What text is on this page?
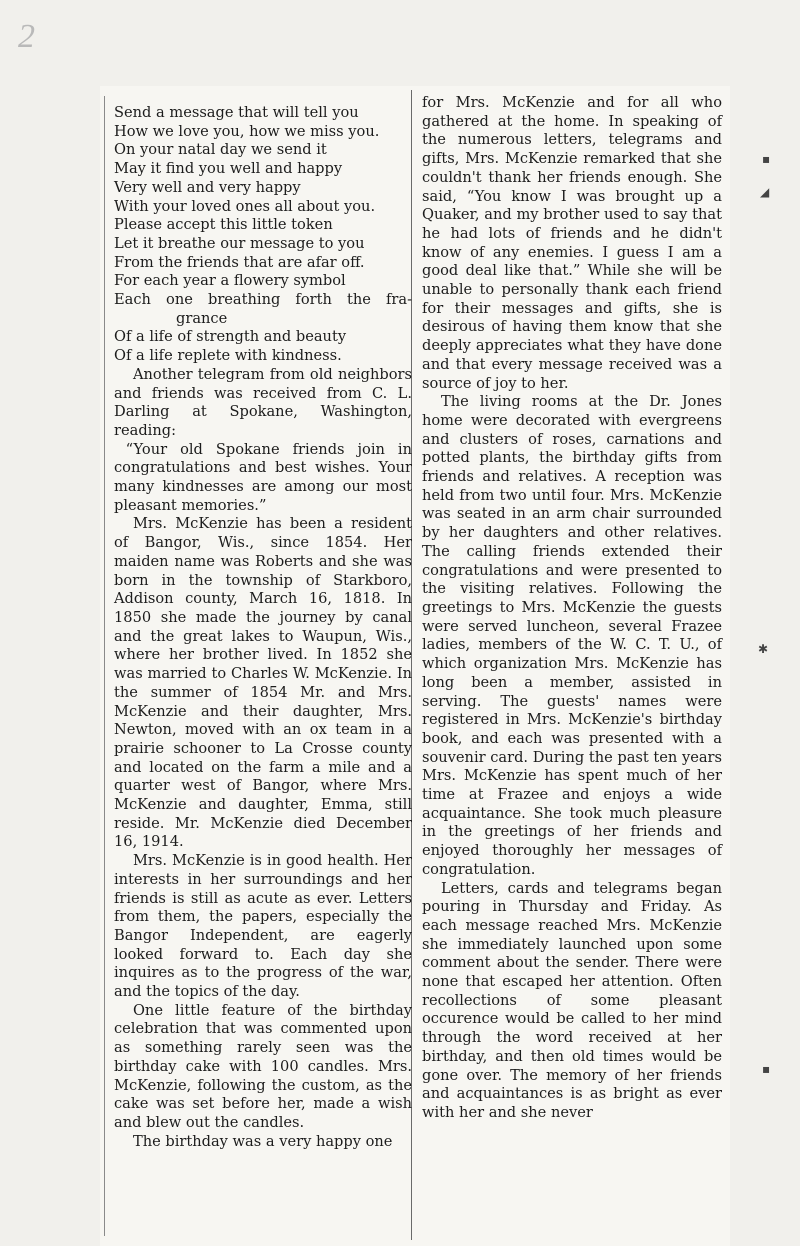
2
Send a message that will tell you
How we love you, how we miss you.
On your natal day we send it
May it find you well and happy
Very well and very happy
With your loved ones all about you.
Please accept this little token
Let it breathe our message to you
From the friends that are afar off.
For each year a flowery symbol
Each one breathing forth the fra-
grance
Of a life of strength and beauty
Of a life replete with kindness.

Another telegram from old neighbors and friends was received from C. L. Darling at Spokane, Washington, reading:

“Your old Spokane friends join in congratulations and best wishes. Your many kindnesses are among our most pleasant memories.”

Mrs. McKenzie has been a resident of Bangor, Wis., since 1854. Her maiden name was Roberts and she was born in the township of Starkboro, Addison county, March 16, 1818. In 1850 she made the journey by canal and the great lakes to Waupun, Wis., where her brother lived. In 1852 she was married to Charles W. McKenzie. In the summer of 1854 Mr. and Mrs. McKenzie and their daughter, Mrs. Newton, moved with an ox team in a prairie schooner to La Crosse county and located on the farm a mile and a quarter west of Bangor, where Mrs. McKenzie and daughter, Emma, still reside. Mr. McKenzie died December 16, 1914.

Mrs. McKenzie is in good health. Her interests in her surroundings and her friends is still as acute as ever. Letters from them, the papers, especially the Bangor Independent, are eagerly looked forward to. Each day she inquires as to the progress of the war, and the topics of the day.

One little feature of the birthday celebration that was commented upon as something rarely seen was the birthday cake with 100 candles. Mrs. McKenzie, following the custom, as the cake was set before her, made a wish and blew out the candles.

The birthday was a very happy one

for Mrs. McKenzie and for all who gathered at the home. In speaking of the numerous letters, telegrams and gifts, Mrs. McKenzie remarked that she couldn't thank her friends enough. She said, “You know I was brought up a Quaker, and my brother used to say that he had lots of friends and he didn't know of any enemies. I guess I am a good deal like that.” While she will be unable to personally thank each friend for their messages and gifts, she is desirous of having them know that she deeply appreciates what they have done and that every message received was a source of joy to her.

The living rooms at the Dr. Jones home were decorated with evergreens and clusters of roses, carnations and potted plants, the birthday gifts from friends and relatives. A reception was held from two until four. Mrs. McKenzie was seated in an arm chair surrounded by her daughters and other relatives. The calling friends extended their congratulations and were presented to the visiting relatives. Following the greetings to Mrs. McKenzie the guests were served luncheon, several Frazee ladies, members of the W. C. T. U., of which organization Mrs. McKenzie has long been a member, assisted in serving. The guests' names were registered in Mrs. McKenzie's birthday book, and each was presented with a souvenir card. During the past ten years Mrs. McKenzie has spent much of her time at Frazee and enjoys a wide acquaintance. She took much pleasure in the greetings of her friends and enjoyed thoroughly her messages of congratulation.

Letters, cards and telegrams began pouring in Thursday and Friday. As each message reached Mrs. McKenzie she immediately launched upon some comment about the sender. There were none that escaped her attention. Often recollections of some pleasant occurence would be called to her mind through the word received at her birthday, and then old times would be gone over. The memory of her friends and acquaintances is as bright as ever with her and she never

▪
◢
✱
▪
